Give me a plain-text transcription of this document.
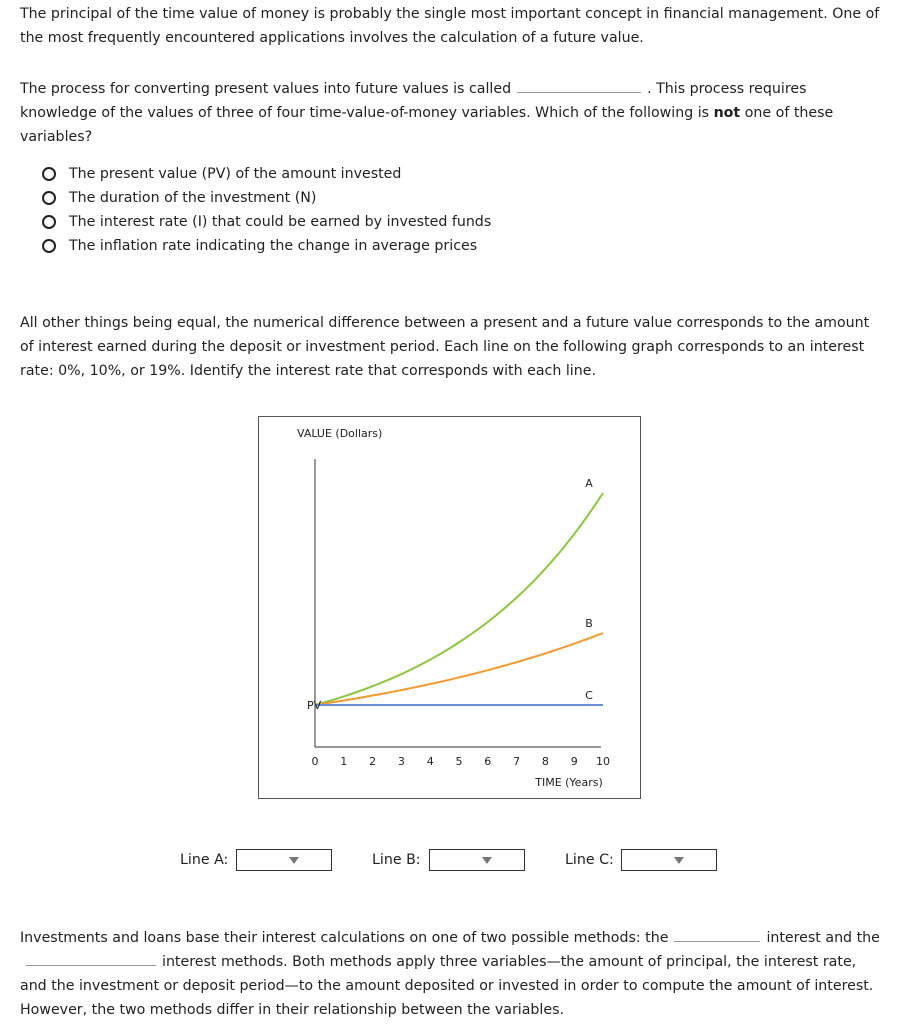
The principal of the time value of money is probably the single most important concept in financial management. One of the most frequently encountered applications involves the calculation of a future value.

The process for converting present values into future values is called	. This process requires knowledge of the values of three of four time-value-of-money variables. Which of the following is not one of these variables?

The present value (PV) of the amount invested
The duration of the investment (N)
The interest rate (I) that could be earned by invested funds
The inflation rate indicating the change in average prices

All other things being equal, the numerical difference between a present and a future value corresponds to the amount of interest earned during the deposit or investment period. Each line on the following graph corresponds to an interest rate: 0%, 10%, or 19%. Identify the interest rate that corresponds with each line.

VALUE (Dollars)
A
B
C
PV
0 1 2 3 4 5 6 7 8 9 10
TIME (Years)
Line A:	Line B:	Line C:

Investments and loans base their interest calculations on one of two possible methods: the	interest and theinterest methods. Both methods apply three variables—the amount of principal, the interest rate, and the investment or deposit period—to the amount deposited or invested in order to compute the amount of interest. However, the two methods differ in their relationship between the variables.
